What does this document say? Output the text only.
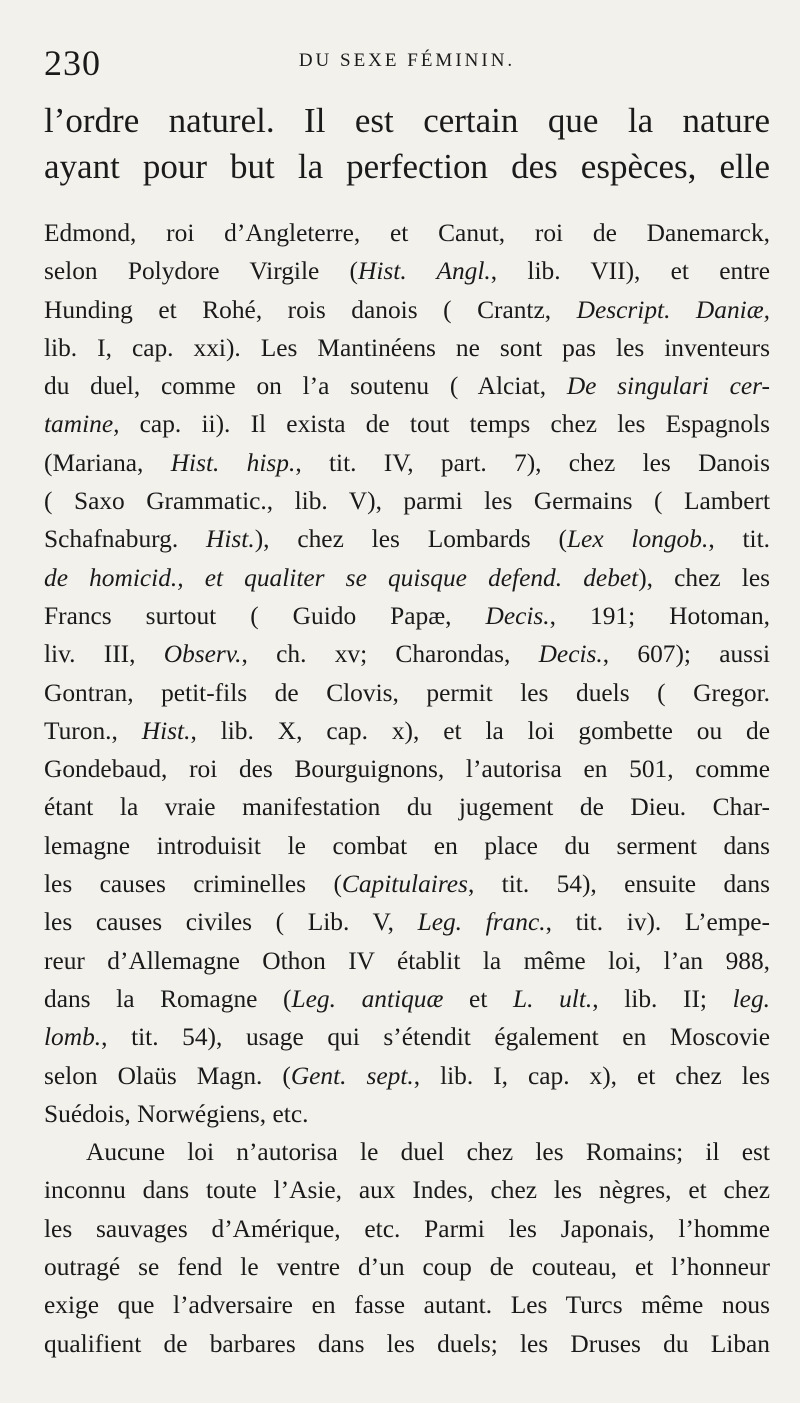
230	DU SEXE FÉMININ.
l’ordre naturel. Il est certain que la nature
ayant pour but la perfection des espèces, elle
Edmond, roi d’Angleterre, et Canut, roi de Danemarck,
selon Polydore Virgile (Hist. Angl., lib. VII), et entre
Hunding et Rohé, rois danois ( Crantz, Descript. Daniæ,
lib. I, cap. xxi). Les Mantinéens ne sont pas les inventeurs
du duel, comme on l’a soutenu ( Alciat, De singulari cer-
tamine, cap. ii). Il exista de tout temps chez les Espagnols
(Mariana, Hist. hisp., tit. IV, part. 7), chez les Danois
( Saxo Grammatic., lib. V), parmi les Germains ( Lambert
Schafnaburg. Hist.), chez les Lombards (Lex longob., tit.
de homicid., et qualiter se quisque defend. debet), chez les
Francs surtout ( Guido Papæ, Decis., 191; Hotoman,
liv. III, Observ., ch. xv; Charondas, Decis., 607); aussi
Gontran, petit-fils de Clovis, permit les duels ( Gregor.
Turon., Hist., lib. X, cap. x), et la loi gombette ou de
Gondebaud, roi des Bourguignons, l’autorisa en 501, comme
étant la vraie manifestation du jugement de Dieu. Char-
lemagne introduisit le combat en place du serment dans
les causes criminelles (Capitulaires, tit. 54), ensuite dans
les causes civiles ( Lib. V, Leg. franc., tit. iv). L’empe-
reur d’Allemagne Othon IV établit la même loi, l’an 988,
dans la Romagne (Leg. antiquæ et L. ult., lib. II; leg.
lomb., tit. 54), usage qui s’étendit également en Moscovie
selon Olaüs Magn. (Gent. sept., lib. I, cap. x), et chez les
Suédois, Norwégiens, etc.
Aucune loi n’autorisa le duel chez les Romains; il est
inconnu dans toute l’Asie, aux Indes, chez les nègres, et chez
les sauvages d’Amérique, etc. Parmi les Japonais, l’homme
outragé se fend le ventre d’un coup de couteau, et l’honneur
exige que l’adversaire en fasse autant. Les Turcs même nous
qualifient de barbares dans les duels; les Druses du Liban
